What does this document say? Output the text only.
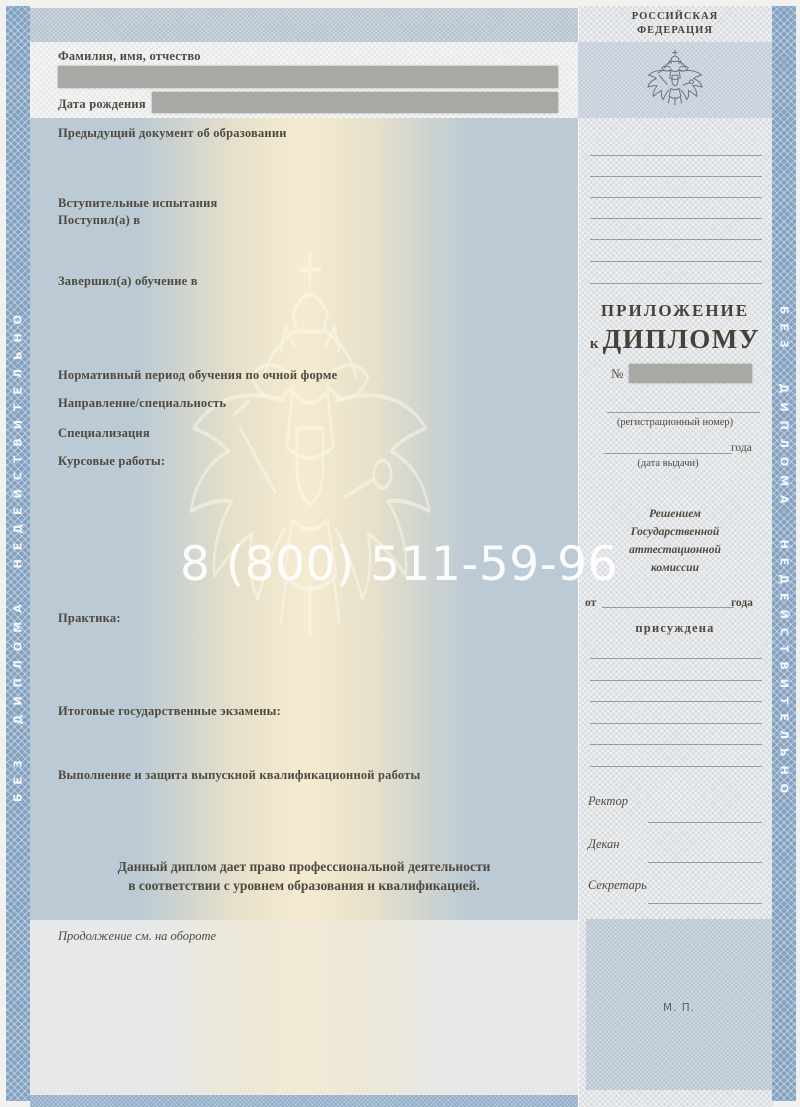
БЕЗ ДИПЛОМА НЕДЕЙСТВИТЕЛЬНО	БЕЗ ДИПЛОМА НЕДЕЙСТВИТЕЛЬНО
Фамилия, имя, отчество
Дата рождения
Предыдущий документ об образовании
Вступительные испытания
Поступил(а) в
Завершил(а) обучение в
Нормативный период обучения по очной форме
Направление/специальность
Специализация
Курсовые работы:
Практика:
Итоговые государственные экзамены:
Выполнение и защита выпускной квалификационной работы
Данный диплом дает право профессиональной деятельности
в соответствии с уровнем образования и квалификацией.
Продолжение см. на обороте
8 (800) 511-59-96
РОССИЙСКАЯ
ФЕДЕРАЦИЯ
ПРИЛОЖЕНИЕ
к ДИПЛОМУ
№
(регистрационный номер)
года
(дата выдачи)
Решением
Государственной
аттестационной
комиссии
от	года
присуждена
Ректор
Декан
Секретарь
М. П.
